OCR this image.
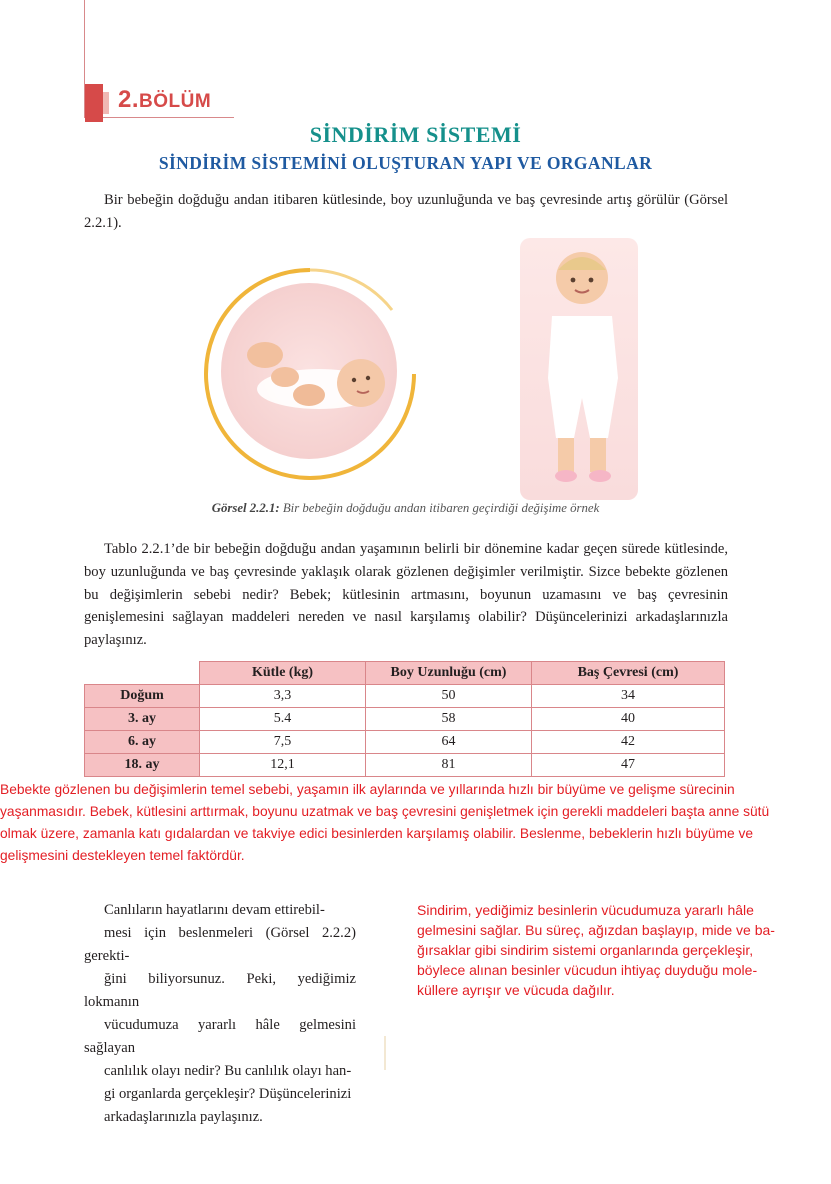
2.BÖLÜM
SİNDİRİM SİSTEMİ
SİNDİRİM SİSTEMİNİ OLUŞTURAN YAPI VE ORGANLAR
Bir bebeğin doğduğu andan itibaren kütlesinde, boy uzunluğunda ve baş çevresinde artış görülür (Görsel 2.2.1).
Görsel 2.2.1: Bir bebeğin doğduğu andan itibaren geçirdiği değişime örnek
Tablo 2.2.1’de bir bebeğin doğduğu andan yaşamının belirli bir dönemine kadar geçen sürede kütlesinde, boy uzunluğunda ve baş çevresinde yaklaşık olarak gözlenen değişimler verilmiştir. Sizce bebekte gözlenen bu değişimlerin sebebi nedir? Bebek; kütlesinin artmasını, boyunun uzamasını ve baş çevresinin genişlemesini sağlayan maddeleri nereden ve nasıl karşılamış olabilir? Düşüncelerinizi arkadaşlarınızla paylaşınız.
	Kütle (kg)	Boy Uzunluğu (cm)	Baş Çevresi (cm)
Doğum	3,3	50	34
3. ay	5.4	58	40
6. ay	7,5	64	42
18. ay	12,1	81	47
Bebekte gözlenen bu değişimlerin temel sebebi, yaşamın ilk aylarında ve yıllarında hızlı bir büyüme ve gelişme sürecinin
yaşanmasıdır. Bebek, kütlesini arttırmak, boyunu uzatmak ve baş çevresini genişletmek için gerekli maddeleri başta anne sütü
olmak üzere, zamanla katı gıdalardan ve takviye edici besinlerden karşılamış olabilir. Beslenme, bebeklerin hızlı büyüme ve
gelişmesini destekleyen temel faktördür.
Canlıların hayatlarını devam ettirebil-
mesi için beslenmeleri (Görsel 2.2.2) gerekti-
ğini biliyorsunuz. Peki, yediğimiz lokmanın
vücudumuza yararlı hâle gelmesini sağlayan
canlılık olayı nedir? Bu canlılık olayı han-
gi organlarda gerçekleşir? Düşüncelerinizi
arkadaşlarınızla paylaşınız.
Sindirim, yediğimiz besinlerin vücudumuza yararlı hâle
gelmesini sağlar. Bu süreç, ağızdan başlayıp, mide ve ba-
ğırsaklar gibi sindirim sistemi organlarında gerçekleşir,
böylece alınan besinler vücudun ihtiyaç duyduğu mole-
küllere ayrışır ve vücuda dağılır.
